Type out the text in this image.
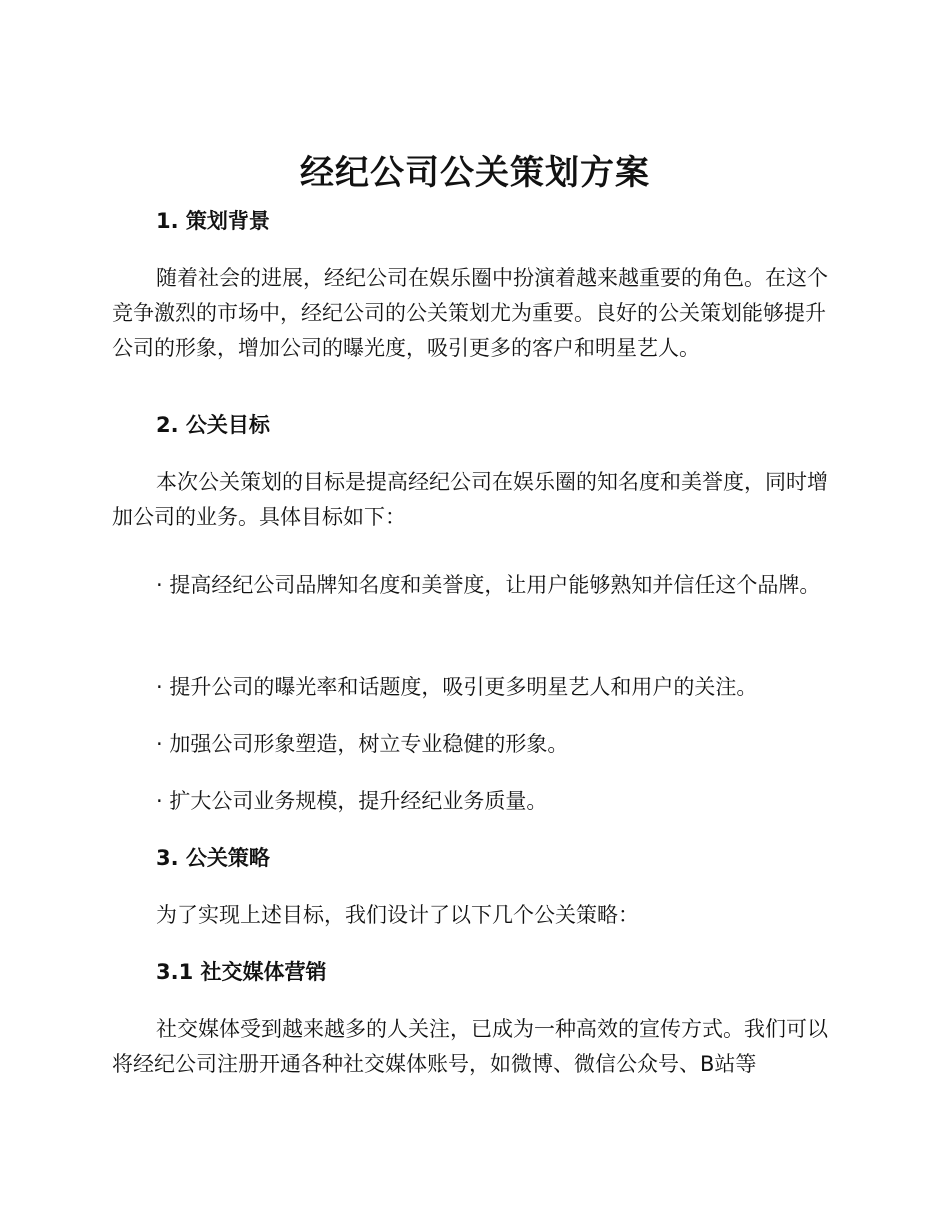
经纪公司公关策划方案
1. 策划背景

随着社会的进展，经纪公司在娱乐圈中扮演着越来越重要的角色。在这个竞争激烈的市场中，经纪公司的公关策划尤为重要。良好的公关策划能够提升公司的形象，增加公司的曝光度，吸引更多的客户和明星艺人。

2. 公关目标

本次公关策划的目标是提高经纪公司在娱乐圈的知名度和美誉度，同时增加公司的业务。具体目标如下：

· 提高经纪公司品牌知名度和美誉度，让用户能够熟知并信任这个品牌。

· 提升公司的曝光率和话题度，吸引更多明星艺人和用户的关注。

· 加强公司形象塑造，树立专业稳健的形象。

· 扩大公司业务规模，提升经纪业务质量。

3. 公关策略

为了实现上述目标，我们设计了以下几个公关策略：

3.1 社交媒体营销

社交媒体受到越来越多的人关注，已成为一种高效的宣传方式。我们可以将经纪公司注册开通各种社交媒体账号，如微博、微信公众号、B站等
